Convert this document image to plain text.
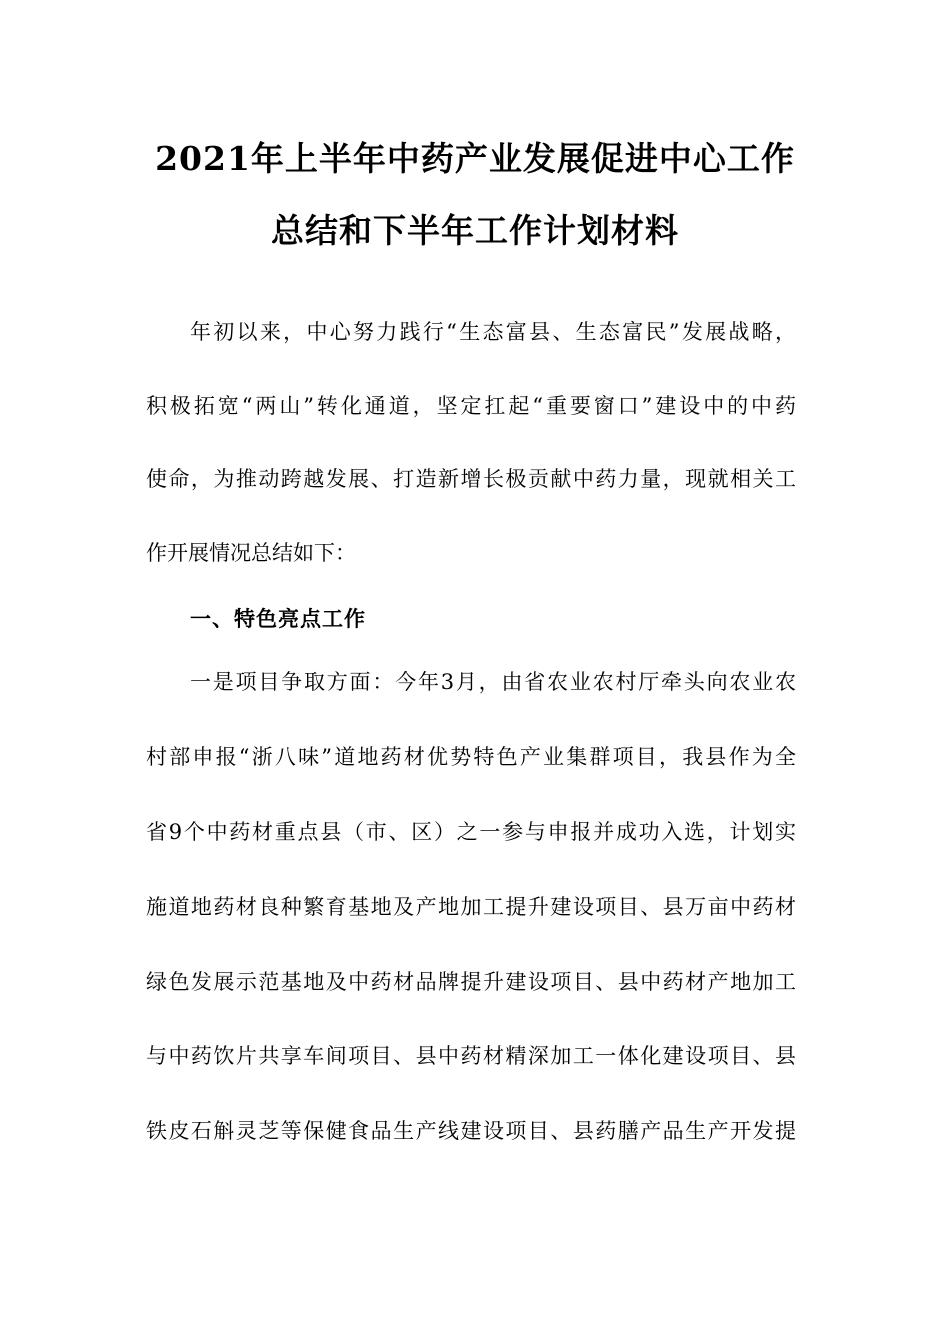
2021年上半年中药产业发展促进中心工作
总结和下半年工作计划材料
年初以来，中心努力践行“生态富县、生态富民”发展战略，
积极拓宽“两山”转化通道，坚定扛起“重要窗口”建设中的中药
使命，为推动跨越发展、打造新增长极贡献中药力量，现就相关工
作开展情况总结如下：
一、特色亮点工作
一是项目争取方面：今年3月，由省农业农村厅牵头向农业农
村部申报“浙八味”道地药材优势特色产业集群项目，我县作为全
省9个中药材重点县（市、区）之一参与申报并成功入选，计划实
施道地药材良种繁育基地及产地加工提升建设项目、县万亩中药材
绿色发展示范基地及中药材品牌提升建设项目、县中药材产地加工
与中药饮片共享车间项目、县中药材精深加工一体化建设项目、县
铁皮石斛灵芝等保健食品生产线建设项目、县药膳产品生产开发提
